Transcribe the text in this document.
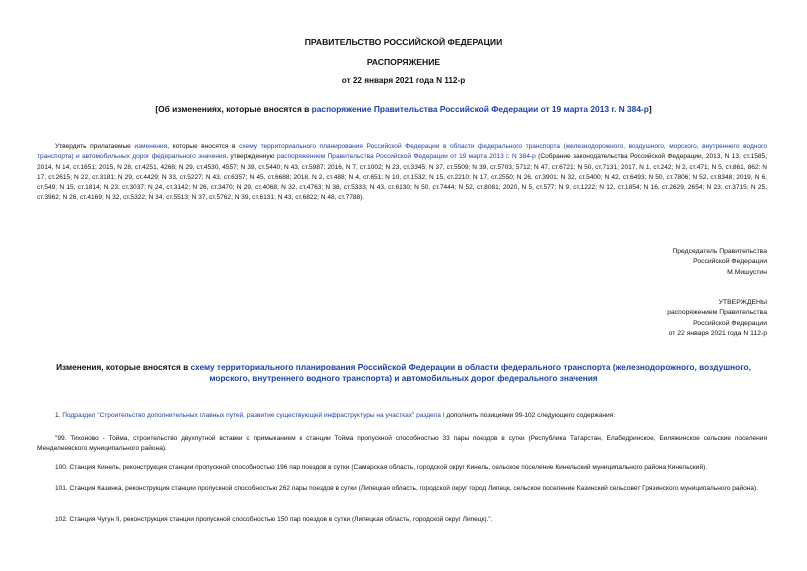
ПРАВИТЕЛЬСТВО РОССИЙСКОЙ ФЕДЕРАЦИИ
РАСПОРЯЖЕНИЕ
от 22 января 2021 года N 112-р
[Об изменениях, которые вносятся в распоряжение Правительства Российской Федерации от 19 марта 2013 г. N 384-р]
Утвердить прилагаемые изменения, которые вносятся в схему территориального планирования Российской Федерации в области федерального транспорта (железнодорожного, воздушного, морского, внутреннего водного транспорта) и автомобильных дорог федерального значения, утвержденную распоряжением Правительства Российской Федерации от 19 марта 2013 г. N 384-р (Собрание законодательства Российской Федерации, 2013, N 13, ст.1585; 2014, N 14, ст.1651; 2015, N 28, ст.4251, 4268; N 29, ст.4530, 4557; N 39, ст.5440; N 43, ст.5987; 2016, N 7, ст.1002; N 23, ст.3345; N 37, ст.5509; N 39, ст.5703, 5712; N 47, ст.6721; N 50, ст.7131; 2017, N 1, ст.242; N 2, ст.471; N 5, ст.861, 862; N 17, ст.2615; N 22, ст.3181; N 29, ст.4429; N 33, ст.5227; N 43, ст.6357; N 45, ст.6688; 2018, N 2, ст.488; N 4, ст.651; N 10, ст.1532; N 15, ст.2210; N 17, ст.2550; N 26, ст.3901; N 32, ст.5400; N 42, ст.6493; N 50, ст.7806; N 52, ст.8348; 2019, N 6, ст.549; N 15, ст.1814; N 23, ст.3037; N 24, ст.3142; N 26, ст.3470; N 29, ст.4068; N 32, ст.4763; N 38, ст.5333; N 43, ст.6130; N 50, ст.7444; N 52, ст.8081; 2020, N 5, ст.577; N 9, ст.1222; N 12, ст.1854; N 16, ст.2629, 2654; N 23, ст.3715; N 25, ст.3962; N 26, ст.4169; N 32, ст.5322; N 34, ст.5513; N 37, ст.5762; N 39, ст.6131; N 43, ст.6822; N 48, ст.7788).
Председатель Правительства
Российской Федерации
М.Мишустин
УТВЕРЖДЕНЫ
распоряжением Правительства
Российской Федерации
от 22 января 2021 года N 112-р
Изменения, которые вносятся в схему территориального планирования Российской Федерации в области федерального транспорта (железнодорожного, воздушного, морского, внутреннего водного транспорта) и автомобильных дорог федерального значения
1. Подраздел "Строительство дополнительных главных путей, развитие существующей инфраструктуры на участках" раздела I дополнить позициями 99-102 следующего содержания:
"99. Тихоново - Тойма, строительство двухпутной вставки с примыканием к станции Тойма пропускной способностью 33 пары поездов в сутки (Республика Татарстан, Елабедринское, Биляжинское сельские поселения Менделеевского муниципального района).
100. Станция Кинель, реконструкция станции пропускной способностью 196 пар поездов в сутки (Самарская область, городской округ Кинель, сельское поселение Кинельский муниципального района Кинельский).
101. Станция Казинка, реконструкция станции пропускной способностью 262 пары поездов в сутки (Липецкая область, городской округ город Липецк, сельское поселение Казинский сельсовет Грязинского муниципального района).
102. Станция Чугун II, реконструкция станции пропускной способностью 150 пар поездов в сутки (Липецкая область, городской округ Липецк).".
